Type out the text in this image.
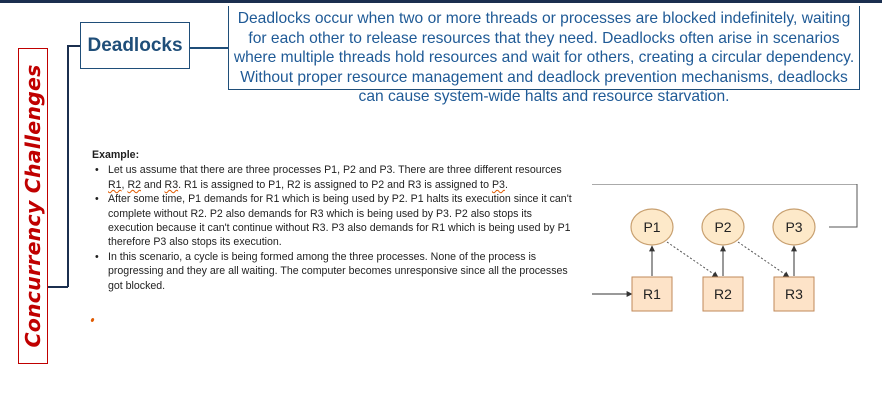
Concurrency Challenges
Deadlocks
Deadlocks occur when two or more threads or processes are blocked indefinitely, waiting for each other to release resources that they need. Deadlocks often arise in scenarios where multiple threads hold resources and wait for others, creating a circular dependency. Without proper resource management and deadlock prevention mechanisms, deadlocks can cause system-wide halts and resource starvation.
Example:
• Let us assume that there are three processes P1, P2 and P3. There are three different resources R1, R2 and R3. R1 is assigned to P1, R2 is assigned to P2 and R3 is assigned to P3.
• After some time, P1 demands for R1 which is being used by P2. P1 halts its execution since it can't complete without R2. P2 also demands for R3 which is being used by P3. P2 also stops its execution because it can't continue without R3. P3 also demands for R1 which is being used by P1 therefore P3 also stops its execution.
• In this scenario, a cycle is being formed among the three processes. None of the process is progressing and they are all waiting. The computer becomes unresponsive since all the processes got blocked.
P1	P2	P3
R1	R2	R3
